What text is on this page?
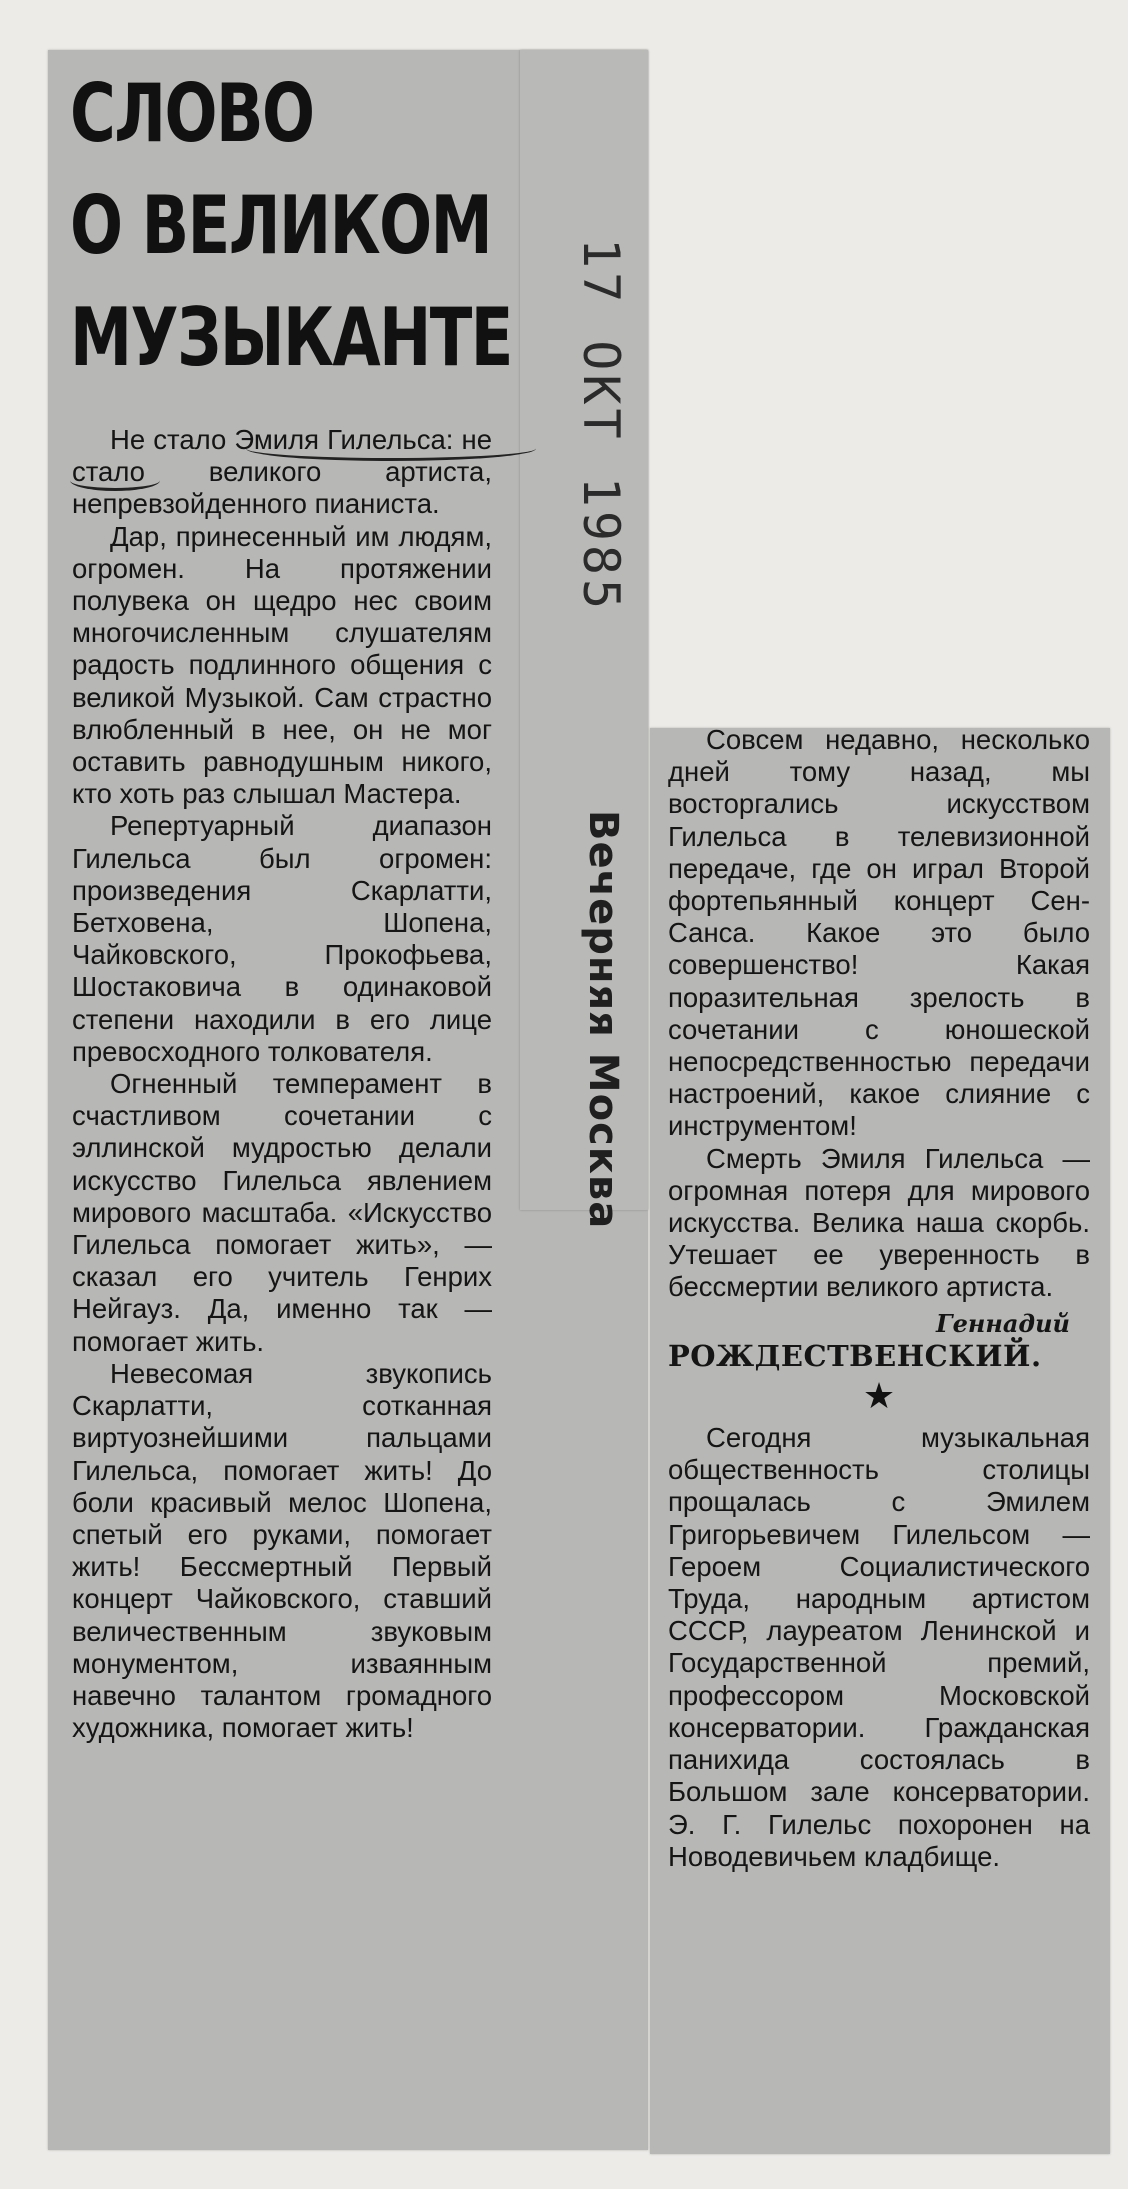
СЛОВО
О ВЕЛИКОМ
МУЗЫКАНТЕ

Не стало Эмиля Гилельса: не стало великого артиста, непревзойденного пианиста.

Дар, принесенный им людям, огромен. На протяжении полувека он щедро нес своим многочисленным слушателям радость подлинного общения с великой Музыкой. Сам страстно влюбленный в нее, он не мог оставить равнодушным никого, кто хоть раз слышал Мастера.

Репертуарный диапазон Гилельса был огромен: произведения Скарлатти, Бетховена, Шопена, Чайковского, Прокофьева, Шостаковича в одинаковой степени находили в его лице превосходного толкователя.

Огненный темперамент в счастливом сочетании с эллинской мудростью делали искусство Гилельса явлением мирового масштаба. «Искусство Гилельса помогает жить», — сказал его учитель Генрих Нейгауз. Да, именно так — помогает жить.

Невесомая звукопись Скарлатти, сотканная виртуознейшими пальцами Гилельса, помогает жить! До боли красивый мелос Шопена, спетый его руками, помогает жить! Бессмертный Первый концерт Чайковского, ставший величественным звуковым монументом, изваянным навечно талантом громадного художника, помогает жить!

17 ОКТ 1985
Вечерняя Москва

Совсем недавно, несколько дней тому назад, мы восторгались искусством Гилельса в телевизионной передаче, где он играл Второй фортепьянный концерт Сен-Санса. Какое это было совершенство! Какая поразительная зрелость в сочетании с юношеской непосредственностью передачи настроений, какое слияние с инструментом!

Смерть Эмиля Гилельса — огромная потеря для мирового искусства. Велика наша скорбь. Утешает ее уверенность в бессмертии великого артиста.

Геннадий
РОЖДЕСТВЕНСКИЙ.
★

Сегодня музыкальная общественность столицы прощалась с Эмилем Григорьевичем Гилельсом — Героем Социалистического Труда, народным артистом СССР, лауреатом Ленинской и Государственной премий, профессором Московской консерватории. Гражданская панихида состоялась в Большом зале консерватории. Э. Г. Гилельс похоронен на Новодевичьем кладбище.
